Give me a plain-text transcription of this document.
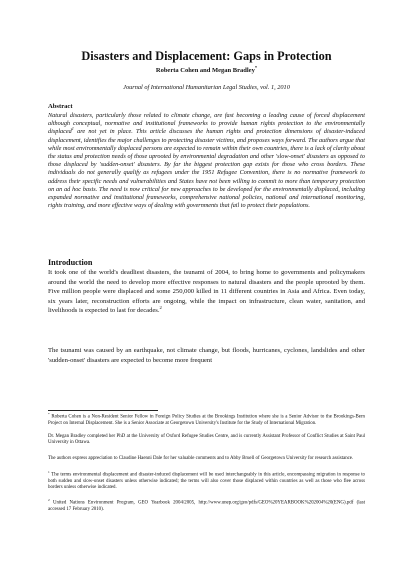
Disasters and Displacement: Gaps in Protection
Roberta Cohen and Megan Bradley*
Journal of International Humanitarian Legal Studies, vol. 1, 2010
Abstract
Natural disasters, particularly those related to climate change, are fast becoming a leading cause of forced displacement although conceptual, normative and institutional frameworks to provide human rights protection to the environmentally displaced$^1$ are not yet in place. This article discusses the human rights and protection dimensions of disaster-induced displacement, identifies the major challenges to protecting disaster victims, and proposes ways forward. The authors argue that while most environmentally displaced persons are expected to remain within their own countries, there is a lack of clarity about the status and protection needs of those uprooted by environmental degradation and other 'slow-onset' disasters as opposed to those displaced by 'sudden-onset' disasters. By far the biggest protection gap exists for those who cross borders. These individuals do not generally qualify as refugees under the 1951 Refugee Convention, there is no normative framework to address their specific needs and vulnerabilities and States have not been willing to commit to more than temporary protection on an ad hoc basis. The need is now critical for new approaches to be developed for the environmentally displaced, including expanded normative and institutional frameworks, comprehensive national policies, national and international monitoring, rights training, and more effective ways of dealing with governments that fail to protect their populations.
Introduction
It took one of the world's deadliest disasters, the tsunami of 2004, to bring home to governments and policymakers around the world the need to develop more effective responses to natural disasters and the people uprooted by them. Five million people were displaced and some 250,000 killed in 11 different countries in Asia and Africa. Even today, six years later, reconstruction efforts are ongoing, while the impact on infrastructure, clean water, sanitation, and livelihoods is expected to last for decades.$^2$
The tsunami was caused by an earthquake, not climate change, but floods, hurricanes, cyclones, landslides and other 'sudden-onset' disasters are expected to become more frequent
* Roberta Cohen is a Non-Resident Senior Fellow in Foreign Policy Studies at the Brookings Institution where she is a Senior Advisor to the Brookings-Bern Project on Internal Displacement. She is a Senior Associate at Georgetown University's Institute for the Study of International Migration.
Dr. Megan Bradley completed her PhD at the University of Oxford Refugee Studies Centre, and is currently Assistant Professor of Conflict Studies at Saint Paul University in Ottawa.
The authors express appreciation to Claudine Haenni Dale for her valuable comments and to Abby Bruell of Georgetown University for research assistance.
$^1$ The terms environmental displacement and disaster-induced displacement will be used interchangeably in this article, encompassing migration in response to both sudden and slow-onset disasters unless otherwise indicated; the terms will also cover those displaced within countries as well as those who flee across borders unless otherwise indicated.
$^2$ United Nations Environment Program, GEO Yearbook 2004/2005, http://www.unep.org/geo/pdfs/GEO%20YEARBOOK%202004%20(ENG).pdf (last accessed 17 February 2010).
